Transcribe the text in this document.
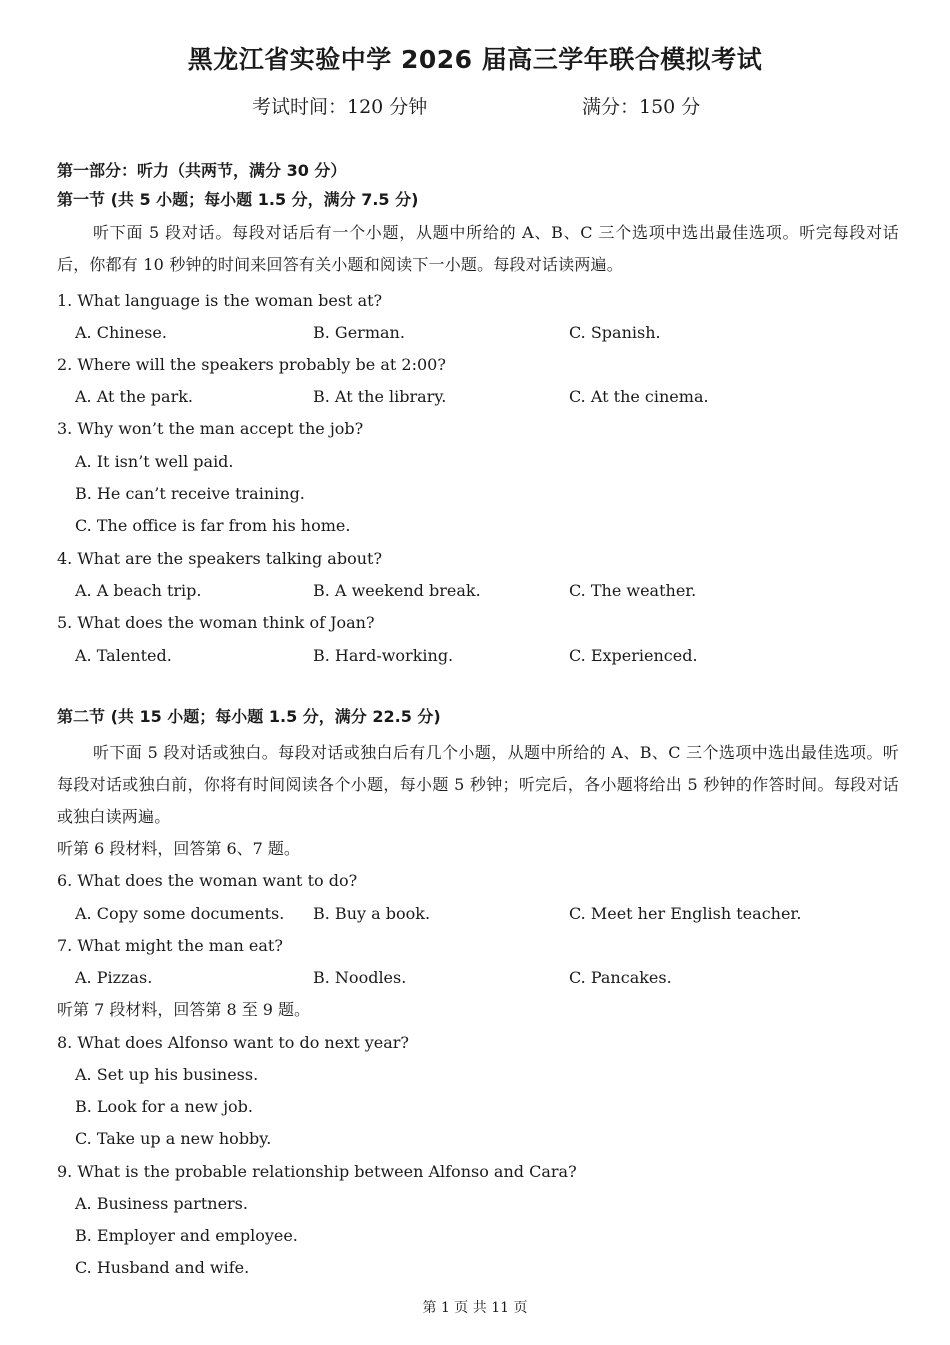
黑龙江省实验中学 2026 届高三学年联合模拟考试
考试时间：120 分钟	满分：150 分
第一部分：听力（共两节，满分 30 分）
第一节 (共 5 小题；每小题 1.5 分，满分 7.5 分)
听下面 5 段对话。每段对话后有一个小题，从题中所给的 A、B、C 三个选项中选出最佳选项。听完每段对话后，你都有 10 秒钟的时间来回答有关小题和阅读下一小题。每段对话读两遍。
1. What language is the woman best at?
A. Chinese.	B. German.	C. Spanish.
2. Where will the speakers probably be at 2:00?
A. At the park.	B. At the library.	C. At the cinema.
3. Why won’t the man accept the job?
A. It isn’t well paid.
B. He can’t receive training.
C. The office is far from his home.
4. What are the speakers talking about?
A. A beach trip.	B. A weekend break.	C. The weather.
5. What does the woman think of Joan?
A. Talented.	B. Hard-working.	C. Experienced.
第二节 (共 15 小题；每小题 1.5 分，满分 22.5 分)
听下面 5 段对话或独白。每段对话或独白后有几个小题，从题中所给的 A、B、C 三个选项中选出最佳选项。听每段对话或独白前，你将有时间阅读各个小题，每小题 5 秒钟；听完后，各小题将给出 5 秒钟的作答时间。每段对话或独白读两遍。
听第 6 段材料，回答第 6、7 题。
6. What does the woman want to do?
A. Copy some documents. B. Buy a book.	C. Meet her English teacher.
7. What might the man eat?
A. Pizzas.	B. Noodles.	C. Pancakes.
听第 7 段材料，回答第 8 至 9 题。
8. What does Alfonso want to do next year?
A. Set up his business.
B. Look for a new job.
C. Take up a new hobby.
9. What is the probable relationship between Alfonso and Cara?
A. Business partners.
B. Employer and employee.
C. Husband and wife.
第 1 页 共 11 页
